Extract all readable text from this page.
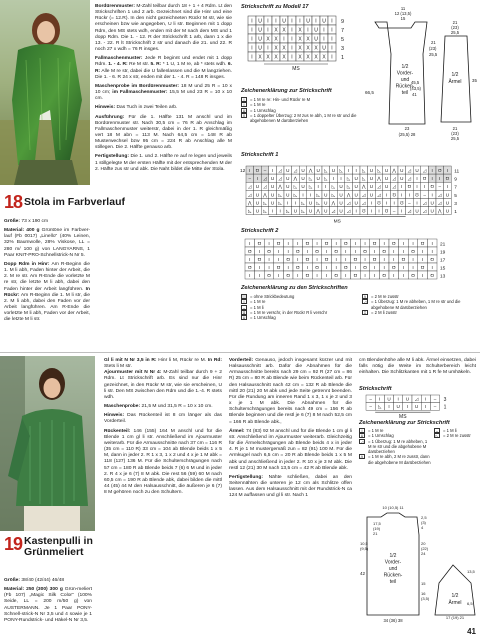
18 Stola im Farbverlauf

Größe: 73 x 190 cm

Material: 400 g Grüntöne im Farbver-lauf (Fb 0017) „Linello“ (40% Leinen, 32% Baumwolle, 28% Viskose, LL = 280 m/ 100 g) von LANGYARNS, 1 Paar KNIT-PRO-Schnellstrick-N Nr 5.

Dopp Rdm in Hinr: Am R-Beginn die 1. M li abh, Faden hinter der Arbeit, die 2. M re str. Am R-Ende die vorletzte M re str, die letzte M li abh, dabei den Faden hinter der Arbeit langführen. In Rückr: Am R-Beginn die 1. M li str, die 2. M li abh, dabei den Faden vor der Arbeit langführen. Am R-Ende die vorletzte M li abh, Faden vor der Arbeit, die letzte M li str.

Bordürenmuster: M-Zahl teilbar durch 18 + 1 + 4 Rdm. Lt den Strickschriften 1 und 2 arb. Gezeichnet sind die Hinr und eine Rückr (= 12.R). In den nicht gezeichneten Rückr M str, wie sie erscheinen bzw wie angegeben, U li str. Beginnen mit 1 dopp Rdm, den MS stets wdh, enden mit der M nach dem MS und 1 dopp Rdm. Die 1. - 12. R der Strickschrift 1 arb, dann 1 x die 13. - 22. R lt Strickschrift 2 str und danach die 21. und 22. R noch 27 x wdh = 76 R insges.

Fallmaschenmuster: Jede R beginnt und endet mit 1 dopp Rdm. 1. - 4. R: Re M str. 5. R: * 1 U, 1 M re, ab * stets wdh. 6. R: Alle M re str, dabei die U fallenlassen und die M langziehen. Die 1. - 6. R 24 x str, enden mit der 1. - 4. R = 148 R insges.

Maschenprobe im Bordürenmuster: 18 M und 25 R = 10 x 10 cm; im Fallmaschenmuster: 15,5 M und 23 R = 10 x 10 cm.

Hinweis: Das Tuch in zwei Teilen arb.

Ausführung: Für die 1. Hälfte 131 M anschl und im Bordürenmuster str. Nach 30,5 cm = 76 R ab Anschlag im Fallmaschenmuster weiterstr, dabei in der 1. R gleichmäßig vert 18 M abn = 113 M. Nach 64,5 cm = 148 R ab Musterwechsel bzw 95 cm = 224 R ab Anschlag alle M stillegen. Die 2. Hälfte genauso arb.

Fertigstellung: Die 1. und 2. Hälfte re auf re legen und jeweils 1 stillgelegte M der ersten Hälfte mit der entsprechenden M der 2. Hälfte zus str und abk. Die Naht bildet die Mitte der Stola.

Strickschrift zu Modell 17
I U I I U I I U I U I
I U I X X I X I U I I
I U X X I I X X U I I
I U I X X I X X X U I
I X X X X I X X X X I
9
7
5
3
1
MS
Zeichenerklärung zur Strickschrift
I	= 1 M re re: Hin- und Rückr re M
I	= 1 M re
U	= 1 Umschlag
X	= 1 doppelter Überzug: 2 M zus re abh, 1 M re str und die abgehobenen M darüberziehen
11
12 (13,5)
15
66,5
21
(23)
25,5
45,5
(43,5)
41
23
(25,5) 28
1/2
Vorder-
und
Rücken-
teil
1/2
Ärmel
21
(23)
25,5
35
21
(23)
25,5
Strickschrift 1
I Ʊ – I ◿ U ◿ U ⋀ U ◺ U ◺ I I ◺ U ◺ U ⋀ U ◿ U ◿ I Ʊ I
– I ◿ U ◿ U ⋀ U ◺ U ◺ I I ◺ U ◺ U ⋀ U ◿ U ◿ I Ʊ I I Ʊ
◿ U ◿ U ⋀ U ◺ U ◺ I I ◺ U ◺ U ⋀ U ◿ U ◿ I Ʊ I I Ʊ – I
◿ U ⋀ U ◺ U ◺ I I ◺ U ◺ U ⋀ U ◿ U ◿ I Ʊ I I Ʊ – I ◿ U
⋀ U ◺ U ◺ I I ◺ U ◺ U ⋀ U ◿ U ◿ I Ʊ I I Ʊ – I ◿ U ◿ U
◺ U ◺ I I ◺ U ◺ U ⋀ U ◿ U ◿ I Ʊ I I Ʊ – I ◿ U ◿ U ⋀ U
12	11
9
7
5
3
1
MS
Strickschrift 2
I Ʊ I Ʊ I I Ʊ I Ʊ I Ʊ I I Ʊ I Ʊ I I Ʊ I
Ʊ I Ʊ I I Ʊ I Ʊ I Ʊ I I Ʊ I Ʊ I I Ʊ I I
I Ʊ I I Ʊ I Ʊ I Ʊ I I Ʊ I Ʊ I I Ʊ I I Ʊ
Ʊ I I Ʊ I Ʊ I Ʊ I I Ʊ I Ʊ I I Ʊ I I Ʊ I
I I Ʊ I Ʊ I Ʊ I I Ʊ I Ʊ I I Ʊ I I Ʊ I Ʊ
21
19
17
15
13
Zeichenerklärung zu den Strickschriften
= ohne Strickbedeutung
I	= 1 M re
–	= 1 M li
Ʊ	= 1 M re verschr, in der Rückr R li verschr
U	= 1 Umschlag
⋀	= 2 M re zusstr
◿	= 1 Überzug: 1 M re abheben, 1 M re str und die abgehobene M darüberziehen
Ꮖ	= 2 M li zusstr
19 Kastenpulli in Grünmeliert

Größe: 38/40 (42/44) 46/48

Material: 250 (300) 300 g Grün-meliert (Fb 107) „Magic Silk Color“ (100% Seide, LL = 200 m/50 g) von AUSTERMANN. Je 1 Paar PONY-Schnell-strick-N Nr 3,5 und 4 sowie je 1 PONY-Rundstrick- und Häkel-N Nr 3,5.

Gl li mit N Nr 3,5 in R: Hinr li M, Rückr re M. In Rd: Stets li M str.
Ajourmuster mit N Nr 4: M-Zahl teilbar durch 9 + 2 Rdm. Lt Strickschrift arb. Es sind nur die Hinr gezeichnet, in den Rückr M str, wie sie erscheinen, U li str. Den MS zwischen den Rdm und die 1.-4. R stets wdh.

Maschenprobe: 21,5 M und 31,5 R = 10 x 10 cm.

Hinweis: Das Rückenteil ist 8 cm länger als das Vorderteil.

Rückenteil: 146 (155) 164 M anschl und für die Blende 1 cm gl li str. Anschließend im Ajourmuster weiterarb. Für die Armausschnitte nach 37 cm = 116 R (35 cm = 110 R) 33 cm = 104 ab Blende beids 1 x 5 M, dann in jeder 2. R 1 x 3, 1 x 2 und 4 x je 1 M abk = 118 (127) 136 M. Für die Schulterschrägungen nach 57 cm = 180 R ab Blende beids 7 (6) 6 M und in jeder 2. R 4 x je 6 (7) 8 M abk. Die rest 56 (59) 60 M nach 60,5 cm = 190 R ab Blende abk, dabei bilden die mittl 44 (45) 44 M den Halsausschnitt, die äußeren je 6 (7) 8 M gehören noch zu den Schultern.

Vorderteil: Genauso, jedoch insgesamt kürzer und mit Halsausschnitt arb. Dafür die Abnahmen für die Armausschnitte bereits nach 29 cm = 92 R (27 cm = 86 R) 25 cm = 80 R ab Blende wie beim Rückenteil arb. Für den Halsausschnitt nach 42 cm = 132 R ab Blende die mittl 20 (21) 20 M abk und jede Seite getrennt beenden. Für die Rundung am inneren Rand 1 x 3, 1 x je 2 und 3 x je 1 M abk. Die Abnahmen für die Schulterschrägungen bereits nach 49 cm = 156 R ab Blende beginnen und die restl je 6 (7) 8 M nach 52,5 cm = 166 R ab Blende abk.,

Ärmel: 74 (83) 92 M anschl und für die Blende 1 cm gl li str. Anschließend im Ajourmuster weiterarb. Gleichzeitig für die Ärmelschrägungen ab Blende beids 4 x in jeder 4. R je 1 M mustergemäß zun = 82 (91) 100 M. Für die Armkugel nach 6,5 cm = 20 R ab Blende beids 1 x 5 M abk und anschließend in jeder 2. R 10 x je 3 M abk. Die restl 12 (21) 30 M nach 13,5 cm = 42 R ab Blende abk.

Fertigstellung: Nähte schließen, dabei an den Seitennähten die unteren je 12 cm als Schlitze offen lassen. Aus dem Halsausschnitt mit der Rundstrick-N ca 124 M auffassen und gl li str. Nach 1

cm Blendenhöhe alle M li abk. Ärmel einsetzen, dabei falls nötig die Weite im Schulterbereich leicht einhalten. Die Schlitzkanten mit 1 R fe M umhäkeln.

Strickschrift
– I U I U ◿ I –
– ◺ I U I U I –
3
1
MS
Zeichenerklärung zur Strickschrift
I	= 1 M re
U	= 1 Umschlag
◿	= 1 Überzug: 1 M re abheben, 1 M re str und die abgehobene M darüberziehen
⋀	= 1 M re abh, 2 M re zusstr, dann die abgehobene M darüberziehen
–	= 1 M li
◺	= 2 M re zusstr
10 (10,5) 11
17,5
(19)
21
42
10,5
(9,5)
2,5
(3)
4
20
(22)
24
15
16
(3,5)
34 (36) 38
1/2
Vorder-
und
Rücken-
teil
1/2
Ärmel
13,5
6,5
17 (19) 21
41
